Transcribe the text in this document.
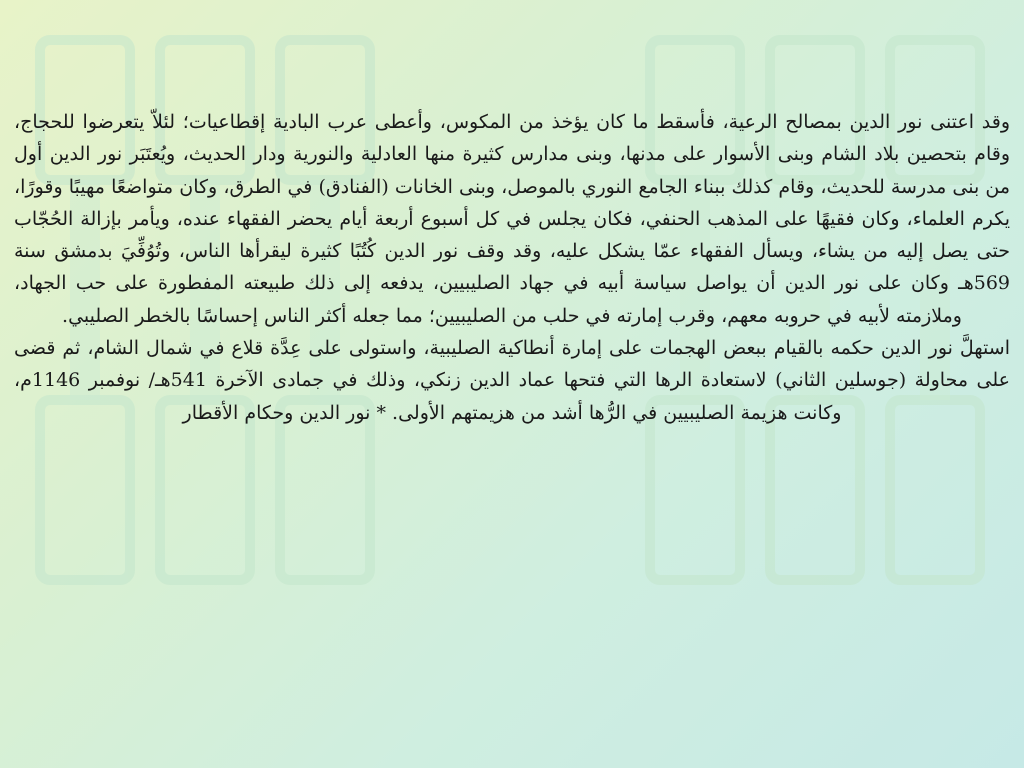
وقد اعتنى نور الدين بمصالح الرعية، فأسقط ما كان يؤخذ من المكوس، وأعطى عرب البادية إقطاعيات؛ لئلاّ يتعرضوا للحجاج، وقام بتحصين بلاد الشام وبنى الأسوار على مدنها، وبنى مدارس كثيرة منها العادلية والنورية ودار الحديث، ويُعتَبَر نور الدين أول من بنى مدرسة للحديث، وقام كذلك ببناء الجامع النوري بالموصل، وبنى الخانات (الفنادق) في الطرق، وكان متواضعًا مهيبًا وقورًا، يكرم العلماء، وكان فقيهًا على المذهب الحنفي، فكان يجلس في كل أسبوع أربعة أيام يحضر الفقهاء عنده، ويأمر بإزالة الحُجّاب حتى يصل إليه من يشاء، ويسأل الفقهاء عمّا يشكل عليه، وقد وقف نور الدين كُتُبًا كثيرة ليقرأها الناس، وتُوُفِّيَ بدمشق سنة 569هـ وكان على نور الدين أن يواصل سياسة أبيه في جهاد الصليبيين، يدفعه إلى ذلك طبيعته المفطورة على حب الجهاد، وملازمته لأبيه في حروبه معهم، وقرب إمارته في حلب من الصليبيين؛ مما جعله أكثر الناس إحساسًا بالخطر الصليبي.

استهلَّ نور الدين حكمه بالقيام ببعض الهجمات على إمارة أنطاكية الصليبية، واستولى على عِدَّة قلاع في شمال الشام، ثم قضى على محاولة (جوسلين الثاني) لاستعادة الرها التي فتحها عماد الدين زنكي، وذلك في جمادى الآخرة 541هـ/ نوفمبر 1146م، وكانت هزيمة الصليبيين في الرُّها أشد من هزيمتهم الأولى. * نور الدين وحكام الأقطار
